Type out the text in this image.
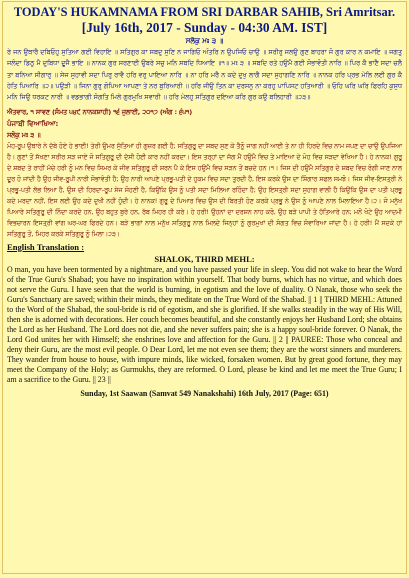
TODAY'S HUKAMNAMA FROM SRI DARBAR SAHIB, Sri Amritsar.
[July 16th, 2017 - Sunday - 04:30 AM. IST]
ਸਲੋਕੁ ਮਃ ੩ ॥

ਰੇ ਜਨ ਉਥਾਰੈ ਦਬਿਓਹੁ ਸੁਤਿਆ ਗਈ ਵਿਹਾਇ ॥ ਸਤਿਗੁਰ ਕਾ ਸਬਦੁ ਸੁਣਿ ਨ ਜਾਗਿਓ ਅੰਤਰਿ ਨ ਉਪਜਿਓ ਚਾਉ ॥ ਸਰੀਰੁ ਜਲਉ ਗੁਣ ਬਾਹਰਾ ਜੋ ਗੁਰ ਕਾਰ ਨ ਕਮਾਇ ॥ ਜਗਤੁ ਜਲੰਦਾ ਡਿਠੁ ਮੈ ਦੁਬਿਧਾ ਦੂਜੈ ਭਾਇ ॥ ਨਾਨਕ ਗੁਰ ਸਰਣਾਈ ਉਬਰੇ ਸਚੁ ਮਨਿ ਸਬਦਿ ਧਿਆਇ ॥੧॥ ਮਃ ੩ ॥ ਸਬਦਿ ਰਤੇ ਹਉਮੈ ਗਈ ਸੋਭਾਵੰਤੀ ਨਾਰਿ ॥ ਪਿਰ ਕੈ ਭਾਣੈ ਸਦਾ ਚਲੈ ਤਾ ਬਨਿਆ ਸੀਗਾਰੁ ॥ ਸੇਜ ਸੁਹਾਵੀ ਸਦਾ ਪਿਰੁ ਰਾਵੈ ਹਰਿ ਵਰੁ ਪਾਇਆ ਨਾਰਿ ॥ ਨਾ ਹਰਿ ਮਰੈ ਨ ਕਦੇ ਦੁਖੁ ਲਾਗੈ ਸਦਾ ਸੁਹਾਗਣਿ ਨਾਰਿ ॥ ਨਾਨਕ ਹਰਿ ਪ੍ਰਭ ਮੇਲਿ ਲਈ ਗੁਰ ਕੈ ਹੇਤਿ ਪਿਆਰਿ ॥੨॥ ਪਉੜੀ ॥ ਜਿਨਾ ਗੁਰੁ ਗੋਪਿਆ ਆਪਣਾ ਤੇ ਨਰ ਬੁਰਿਆਰੀ ॥ ਹਰਿ ਜੀਉ ਤਿਨ ਕਾ ਦਰਸਨੁ ਨਾ ਕਰਹੁ ਪਾਪਿਸਟ ਹਤਿਆਰੀ ॥ ਓਹਿ ਘਰਿ ਘਰਿ ਫਿਰਹਿ ਕੁਸੁਧ ਮਨਿ ਜਿਉ ਧਰਕਟ ਨਾਰੀ ॥ ਵਡਭਾਗੀ ਸੰਗਤਿ ਮਿਲੇ ਗੁਰਮੁਖਿ ਸਵਾਰੀ ॥ ਹਰਿ ਮੇਲਹੁ ਸਤਿਗੁਰ ਦਇਆ ਕਰਿ ਗੁਰ ਕਉ ਬਲਿਹਾਰੀ ॥੨੩॥

ਐਤਵਾਰ, ੧ ਸਾਵਣ (ਸੰਮਤ ੫੪੯ ਨਾਨਕਸ਼ਾਹੀ) ੧੬ ਜੁਲਾਈ, ੨੦੧੭ (ਅੰਗ : ੬੫੧)
ਪੰਜਾਬੀ ਵਿਆਖਿਆ:
ਸਲੋਕੁ ਮਃ ੩ ॥

ਮੋਹ-ਰੂਪ ਉਥਾਰੇ ਨੇ ਦੱਬੇ ਹੋਏ ਹੇ ਭਾਈ! ਤੇਰੀ ਉਮਰ ਸੁੱਤਿਆਂ ਹੀ ਗੁਜ਼ਰ ਗਈ ਹੈ; ਸਤਿਗੁਰੂ ਦਾ ਸ਼ਬਦ ਸੁਣ ਕੇ ਤੈਨੂੰ ਜਾਗ ਨਹੀਂ ਆਈ ਤੇ ਨਾ ਹੀ ਹਿਰਦੇ ਵਿਚ ਨਾਮ ਜਪਣ ਦਾ ਚਾਉ ਉਪਜਿਆ ਹੈ। ਗੁਣਾਂ ਤੋਂ ਸੱਖਣਾ ਸਰੀਰ ਸੜ ਜਾਏ ਜੋ ਸਤਿਗੁਰੂ ਦੀ ਦੱਸੀ ਹੋਈ ਕਾਰ ਨਹੀਂ ਕਰਦਾ। ਇਸ ਤਰ੍ਹਾਂ ਦਾ ਜੱਗ ਮੈਂ ਹਉਮੈ ਵਿਚ ਤੇ ਮਾਇਆ ਦੇ ਮੋਹ ਵਿਚ ਸੜਦਾ ਵੇਖਿਆ ਹੈ। ਹੇ ਨਾਨਕ! ਗੁਰੂ ਦੇ ਸ਼ਬਦ ਤੇ ਰਾਹੀਂ ਮੱਚੇ ਹਰੀ ਨੂੰ ਮਨ ਵਿਚ ਸਿਮਰ ਕੇ ਜੀਵ ਸਤਿਗੁਰੂ ਦੀ ਸ਼ਰਨ ਪੈ ਕੇ ਇਸ ਹਉਮੈ ਵਿਚ ਸੜਨ ਤੋਂ ਬਚਦੇ ਹਨ।੧। ਜਿਸ ਦੀ ਹਉਮੈ ਸਤਿਗੁਰ ਦੇ ਸ਼ਬਦ ਵਿਚ ਰੰਗੀ ਜਾਣ ਨਾਲ ਦੂਰ ਹੋ ਜਾਂਦੀ ਹੈ ਉਹ ਜੀਵ-ਰੂਪੀ ਨਾਰੀ ਸੋਭਾਵੰਤੀ ਹੈ; ਉਹ ਨਾਰੀ ਆਪਣੇ ਪ੍ਰਭੂ-ਪਤੀ ਦੇ ਹੁਕਮ ਵਿਚ ਸਦਾ ਤੁਰਦੀ ਹੈ, ਇਸ ਕਰਕੇ ਉਸ ਦਾ ਸ਼ਿੰਗਾਰ ਸਫਲ ਸਮਝੋ। ਜਿਸ ਜੀਵ-ਇਸਤ੍ਰੀ ਨੇ ਪ੍ਰਭੂ-ਪਤੀ ਲੱਭ ਲਿਆ ਹੈ, ਉਸ ਦੀ ਹਿਰਦਾ-ਰੂਪ ਸੇਜ ਸੋਹਣੀ ਹੈ, ਕਿਉਂਕਿ ਉਸ ਨੂੰ ਪਤੀ ਸਦਾ ਮਿਲਿਆ ਰਹਿੰਦਾ ਹੈ; ਉਹ ਇਸਤ੍ਰੀ ਸਦਾ ਸੁਹਾਗ ਵਾਲੀ ਹੈ ਕਿਉਂਕਿ ਉਸ ਦਾ ਪਤੀ ਪ੍ਰਭੂ ਕਦੇ ਮਰਦਾ ਨਹੀਂ, ਇਸ ਲਈ ਉਹ ਕਦੇ ਦੁਖੀ ਨਹੀਂ ਹੁੰਦੀ। ਹੇ ਨਾਨਕ! ਗੁਰੂ ਦੇ ਪਿਆਰ ਵਿਚ ਉਸ ਦੀ ਬਿਰਤੀ ਹੋਣ ਕਰਕੇ ਪ੍ਰਭੂ ਨੇ ਉਸ ਨੂੰ ਆਪਣੇ ਨਾਲ ਮਿਲਾਇਆ ਹੈ।੨। ਜੋ ਮਨੁੱਖ ਪਿਆਰੇ ਸਤਿਗੁਰੂ ਦੀ ਨਿੰਦਾ ਕਰਦੇ ਹਨ, ਉਹ ਬਹੁਤ ਬੁਰੇ ਹਨ, ਰੱਬ ਮਿਹਰ ਹੀ ਕਰੇ। ਹੇ ਹਰੀ! ਉਹਨਾਂ ਦਾ ਦਰਸ਼ਨ ਨਾਹ ਕਰੋ, ਉਹ ਬੜੇ ਪਾਪੀ ਤੇ ਹੱਤਿਆਰੇ ਹਨ; ਮਨੋਂ ਖੋਟੇ ਉਹ ਆਦਮੀ ਵਿਭਚਾਰਨ ਇਸਤ੍ਰੀ ਵਾਂਗ ਘਰ-ਘਰ ਫਿਰਦੇ ਹਨ। ਬੜੇ ਭਾਗਾਂ ਨਾਲ ਮਨੁੱਖ ਸਤਿਗੁਰੂ ਨਾਲ ਮਿਲਦੇ ਜਿਨ੍ਹਾਂ ਨੂੰ ਗੁਰਮੁਖਾਂ ਦੀ ਸੰਗਤ ਵਿਚ ਸੰਵਾਰਿਆ ਜਾਂਦਾ ਹੈ। ਹੇ ਹਰੀ! ਮੈਂ ਸਦਕੇ ਹਾਂ ਸਤਿਗੁਰੂ ਤੋਂ, ਮਿਹਰ ਕਰਕੇ ਸਤਿਗੁਰੂ ਨੂੰ ਮਿਲਾ।੨੩।

English Translation :
SHALOK, THIRD MEHL:

O man, you have been tormented by a nightmare, and you have passed your life in sleep. You did not wake to hear the Word of the True Guru's Shabad; you have no inspiration within yourself. That body burns, which has no virtue, and which does not serve the Guru. I have seen that the world is burning, in egotism and the love of duality. O Nanak, those who seek the Guru's Sanctuary are saved; within their minds, they meditate on the True Word of the Shabad. || 1 || THIRD MEHL: Attuned to the Word of the Shabad, the soul-bride is rid of egotism, and she is glorified. If she walks steadily in the way of His Will, then she is adorned with decorations. Her couch becomes beautiful, and she constantly enjoys her Husband Lord; she obtains the Lord as her Husband. The Lord does not die, and she never suffers pain; she is a happy soul-bride forever. O Nanak, the Lord God unites her with Himself; she enshrines love and affection for the Guru. || 2 || PAUREE: Those who conceal and deny their Guru, are the most evil people. O Dear Lord, let me not even see them; they are the worst sinners and murderers. They wander from house to house, with impure minds, like wicked, forsaken women. But by great good fortune, they may meet the Company of the Holy; as Gurmukhs, they are reformed. O Lord, please be kind and let me meet the True Guru; I am a sacrifice to the Guru. || 23 ||

Sunday, 1st Saawan (Samvat 549 Nanakshahi) 16th July, 2017 (Page: 651)
